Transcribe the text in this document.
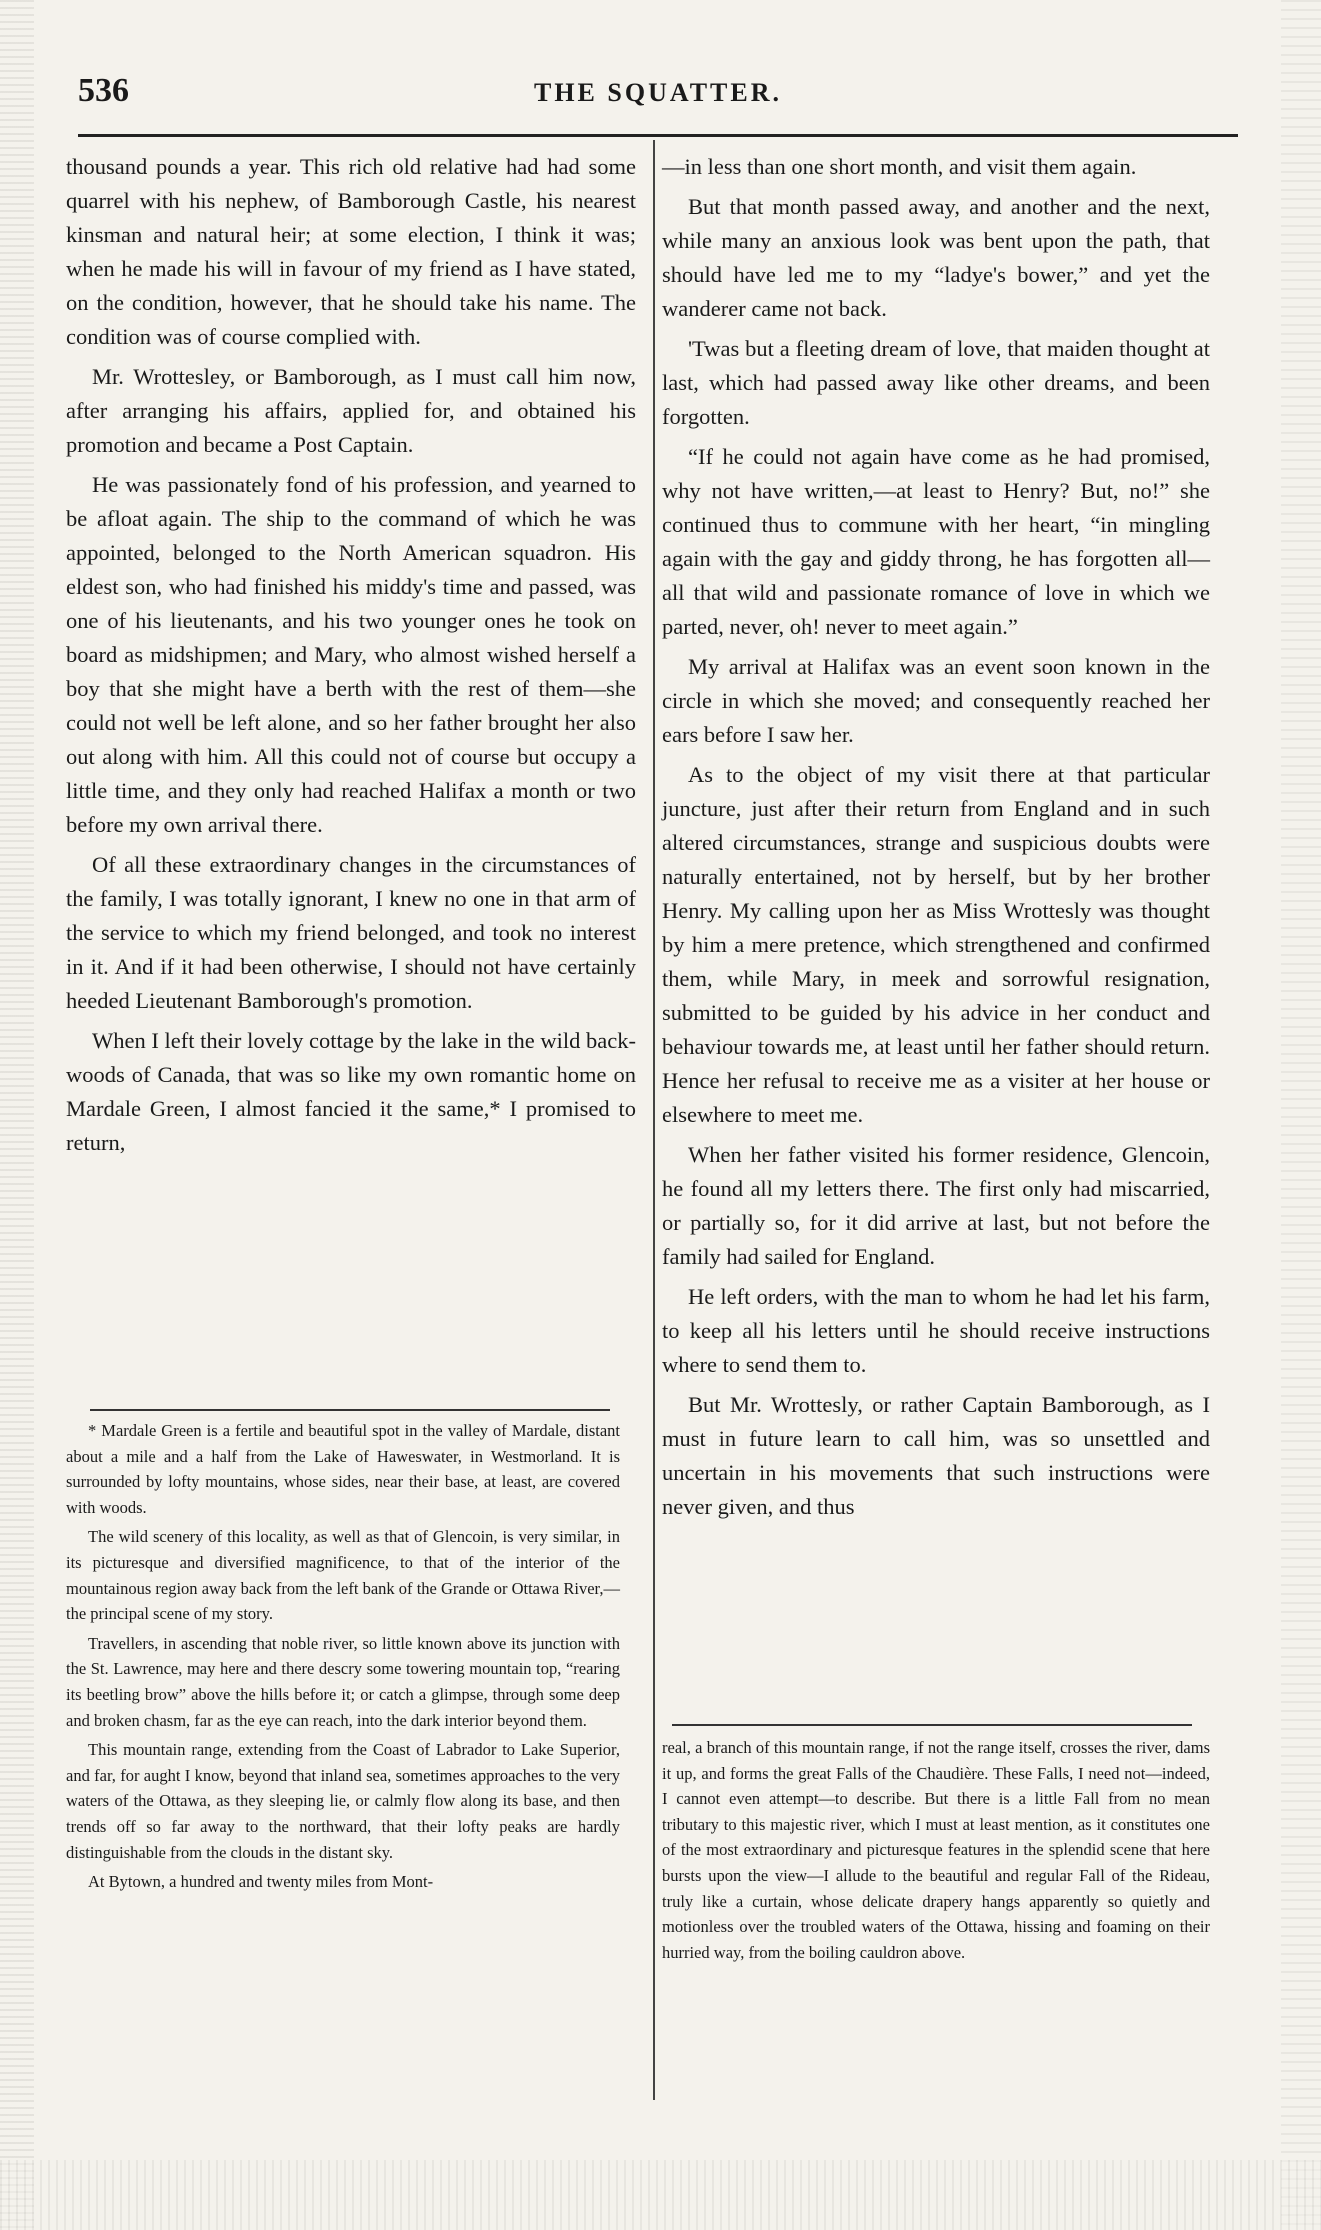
536	THE SQUATTER.

thousand pounds a year. This rich old relative had had some quarrel with his nephew, of Bamborough Castle, his nearest kinsman and natural heir; at some election, I think it was; when he made his will in favour of my friend as I have stated, on the condition, however, that he should take his name. The condition was of course complied with.

Mr. Wrottesley, or Bamborough, as I must call him now, after arranging his affairs, applied for, and obtained his promotion and became a Post Captain.

He was passionately fond of his profession, and yearned to be afloat again. The ship to the command of which he was appointed, belonged to the North American squadron. His eldest son, who had finished his middy's time and passed, was one of his lieutenants, and his two younger ones he took on board as midshipmen; and Mary, who almost wished herself a boy that she might have a berth with the rest of them—she could not well be left alone, and so her father brought her also out along with him. All this could not of course but occupy a little time, and they only had reached Halifax a month or two before my own arrival there.

Of all these extraordinary changes in the circumstances of the family, I was totally ignorant, I knew no one in that arm of the service to which my friend belonged, and took no interest in it. And if it had been otherwise, I should not have certainly heeded Lieutenant Bamborough's promotion.

When I left their lovely cottage by the lake in the wild back-woods of Canada, that was so like my own romantic home on Mardale Green, I almost fancied it the same,* I promised to return,

—in less than one short month, and visit them again.

But that month passed away, and another and the next, while many an anxious look was bent upon the path, that should have led me to my “ladye's bower,” and yet the wanderer came not back.

'Twas but a fleeting dream of love, that maiden thought at last, which had passed away like other dreams, and been forgotten.

“If he could not again have come as he had promised, why not have written,—at least to Henry? But, no!” she continued thus to commune with her heart, “in mingling again with the gay and giddy throng, he has forgotten all—all that wild and passionate romance of love in which we parted, never, oh! never to meet again.”

My arrival at Halifax was an event soon known in the circle in which she moved; and consequently reached her ears before I saw her.

As to the object of my visit there at that particular juncture, just after their return from England and in such altered circumstances, strange and suspicious doubts were naturally entertained, not by herself, but by her brother Henry. My calling upon her as Miss Wrottesly was thought by him a mere pretence, which strengthened and confirmed them, while Mary, in meek and sorrowful resignation, submitted to be guided by his advice in her conduct and behaviour towards me, at least until her father should return. Hence her refusal to receive me as a visiter at her house or elsewhere to meet me.

When her father visited his former residence, Glencoin, he found all my letters there. The first only had miscarried, or partially so, for it did arrive at last, but not before the family had sailed for England.

He left orders, with the man to whom he had let his farm, to keep all his letters until he should receive instructions where to send them to.

But Mr. Wrottesly, or rather Captain Bamborough, as I must in future learn to call him, was so unsettled and uncertain in his movements that such instructions were never given, and thus

* Mardale Green is a fertile and beautiful spot in the valley of Mardale, distant about a mile and a half from the Lake of Haweswater, in Westmorland. It is surrounded by lofty mountains, whose sides, near their base, at least, are covered with woods.

The wild scenery of this locality, as well as that of Glencoin, is very similar, in its picturesque and diversified magnificence, to that of the interior of the mountainous region away back from the left bank of the Grande or Ottawa River,—the principal scene of my story.

Travellers, in ascending that noble river, so little known above its junction with the St. Lawrence, may here and there descry some towering mountain top, “rearing its beetling brow” above the hills before it; or catch a glimpse, through some deep and broken chasm, far as the eye can reach, into the dark interior beyond them.

This mountain range, extending from the Coast of Labrador to Lake Superior, and far, for aught I know, beyond that inland sea, sometimes approaches to the very waters of the Ottawa, as they sleeping lie, or calmly flow along its base, and then trends off so far away to the northward, that their lofty peaks are hardly distinguishable from the clouds in the distant sky.

At Bytown, a hundred and twenty miles from Mont-

real, a branch of this mountain range, if not the range itself, crosses the river, dams it up, and forms the great Falls of the Chaudière. These Falls, I need not—indeed, I cannot even attempt—to describe. But there is a little Fall from no mean tributary to this majestic river, which I must at least mention, as it constitutes one of the most extraordinary and picturesque features in the splendid scene that here bursts upon the view—I allude to the beautiful and regular Fall of the Rideau, truly like a curtain, whose delicate drapery hangs apparently so quietly and motionless over the troubled waters of the Ottawa, hissing and foaming on their hurried way, from the boiling cauldron above.
